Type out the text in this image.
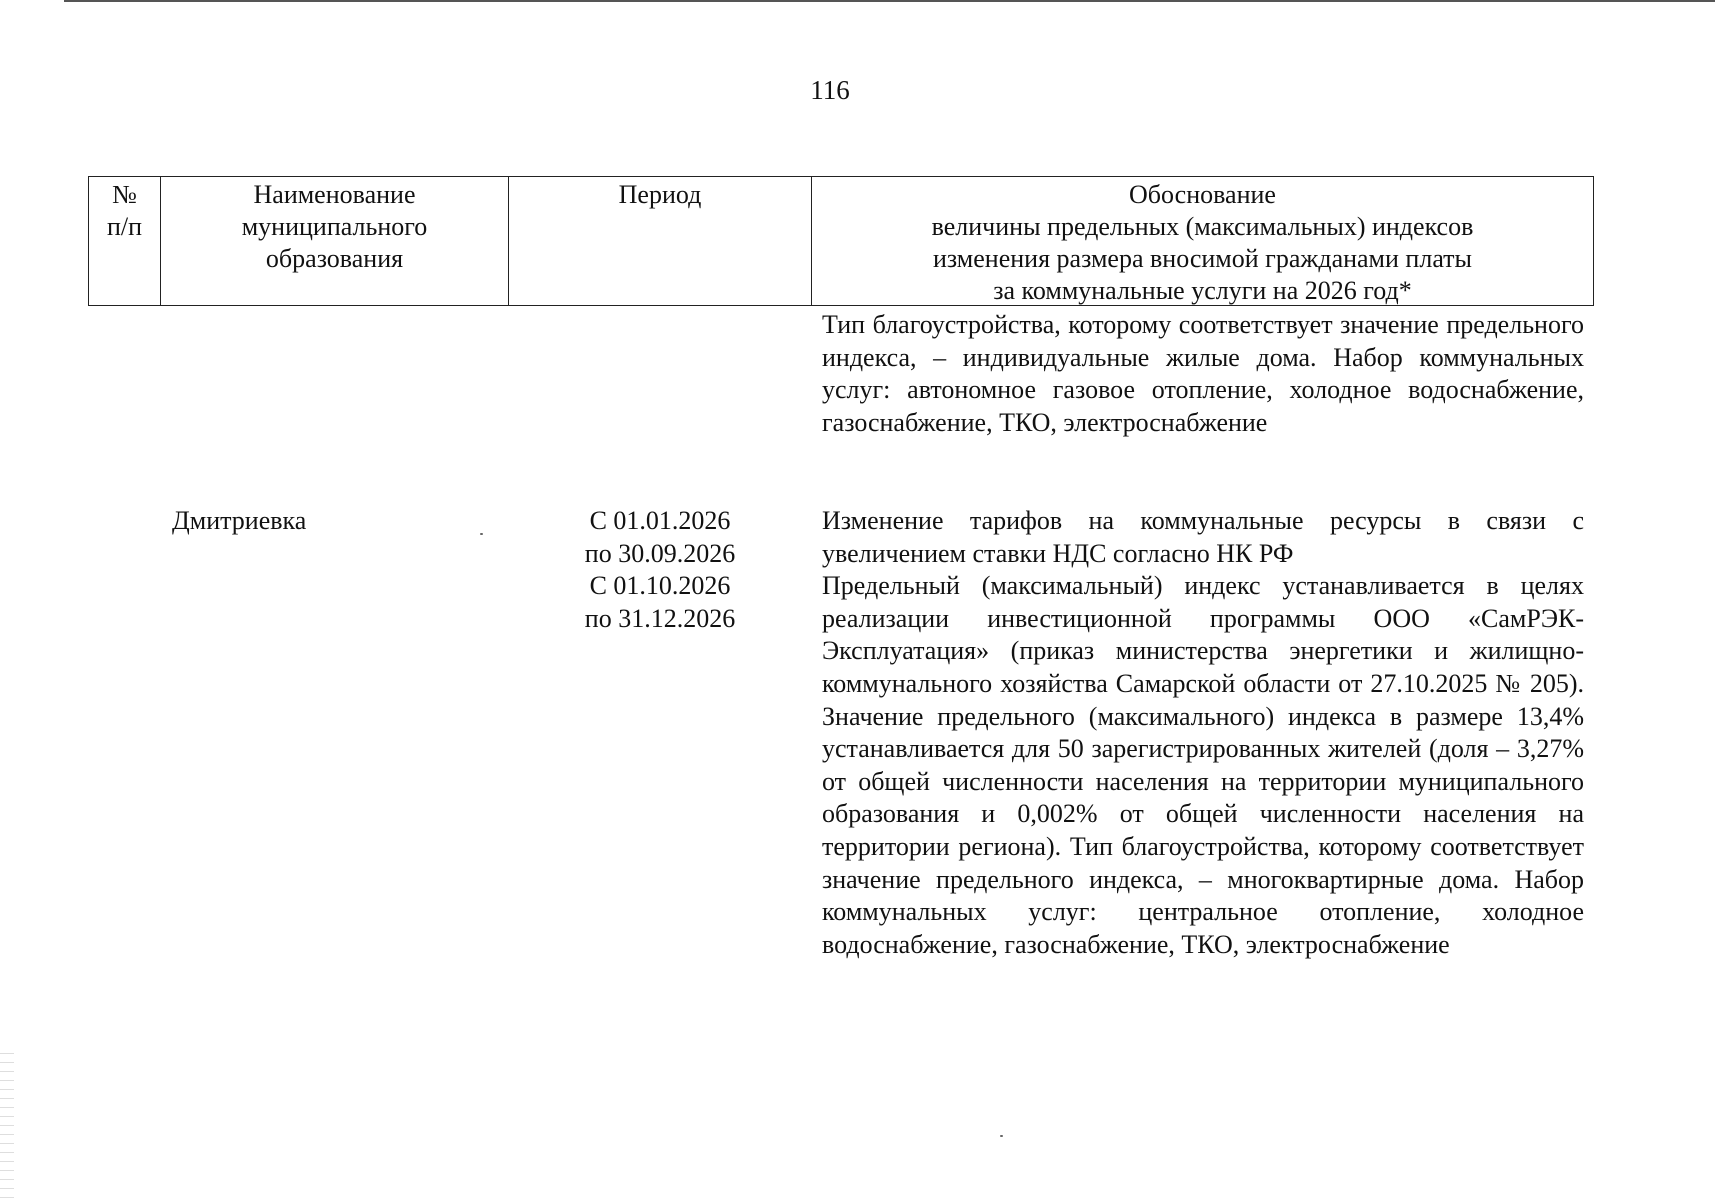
116
№
п/п
Наименование
муниципального
образования
Период	Обоснование
величины предельных (максимальных) индексов
изменения размера вносимой гражданами платы
за коммунальные услуги на 2026 год*

Тип благоустройства, которому соответствует значение предельного индекса, – индивидуальные жилые дома. Набор коммунальных услуг: автономное газовое отопление, холодное водоснабжение, газоснабжение, ТКО, электроснабжение

Дмитриевка	С 01.01.2026
по 30.09.2026
С 01.10.2026
по 31.12.2026

Изменение тарифов на коммунальные ресурсы в связи с увеличением ставки НДС согласно НК РФ

Предельный (максимальный) индекс устанавливается в целях реализации инвестиционной программы ООО «СамРЭК-Эксплуатация» (приказ министерства энергетики и жилищно-коммунального хозяйства Самарской области от 27.10.2025 № 205). Значение предельного (максимального) индекса в размере 13,4% устанавливается для 50 зарегистрированных жителей (доля – 3,27% от общей численности населения на территории муниципального образования и 0,002% от общей численности населения на территории региона). Тип благоустройства, которому соответствует значение предельного индекса, – многоквартирные дома. Набор коммунальных услуг: центральное отопление, холодное водоснабжение, газоснабжение, ТКО, электроснабжение
